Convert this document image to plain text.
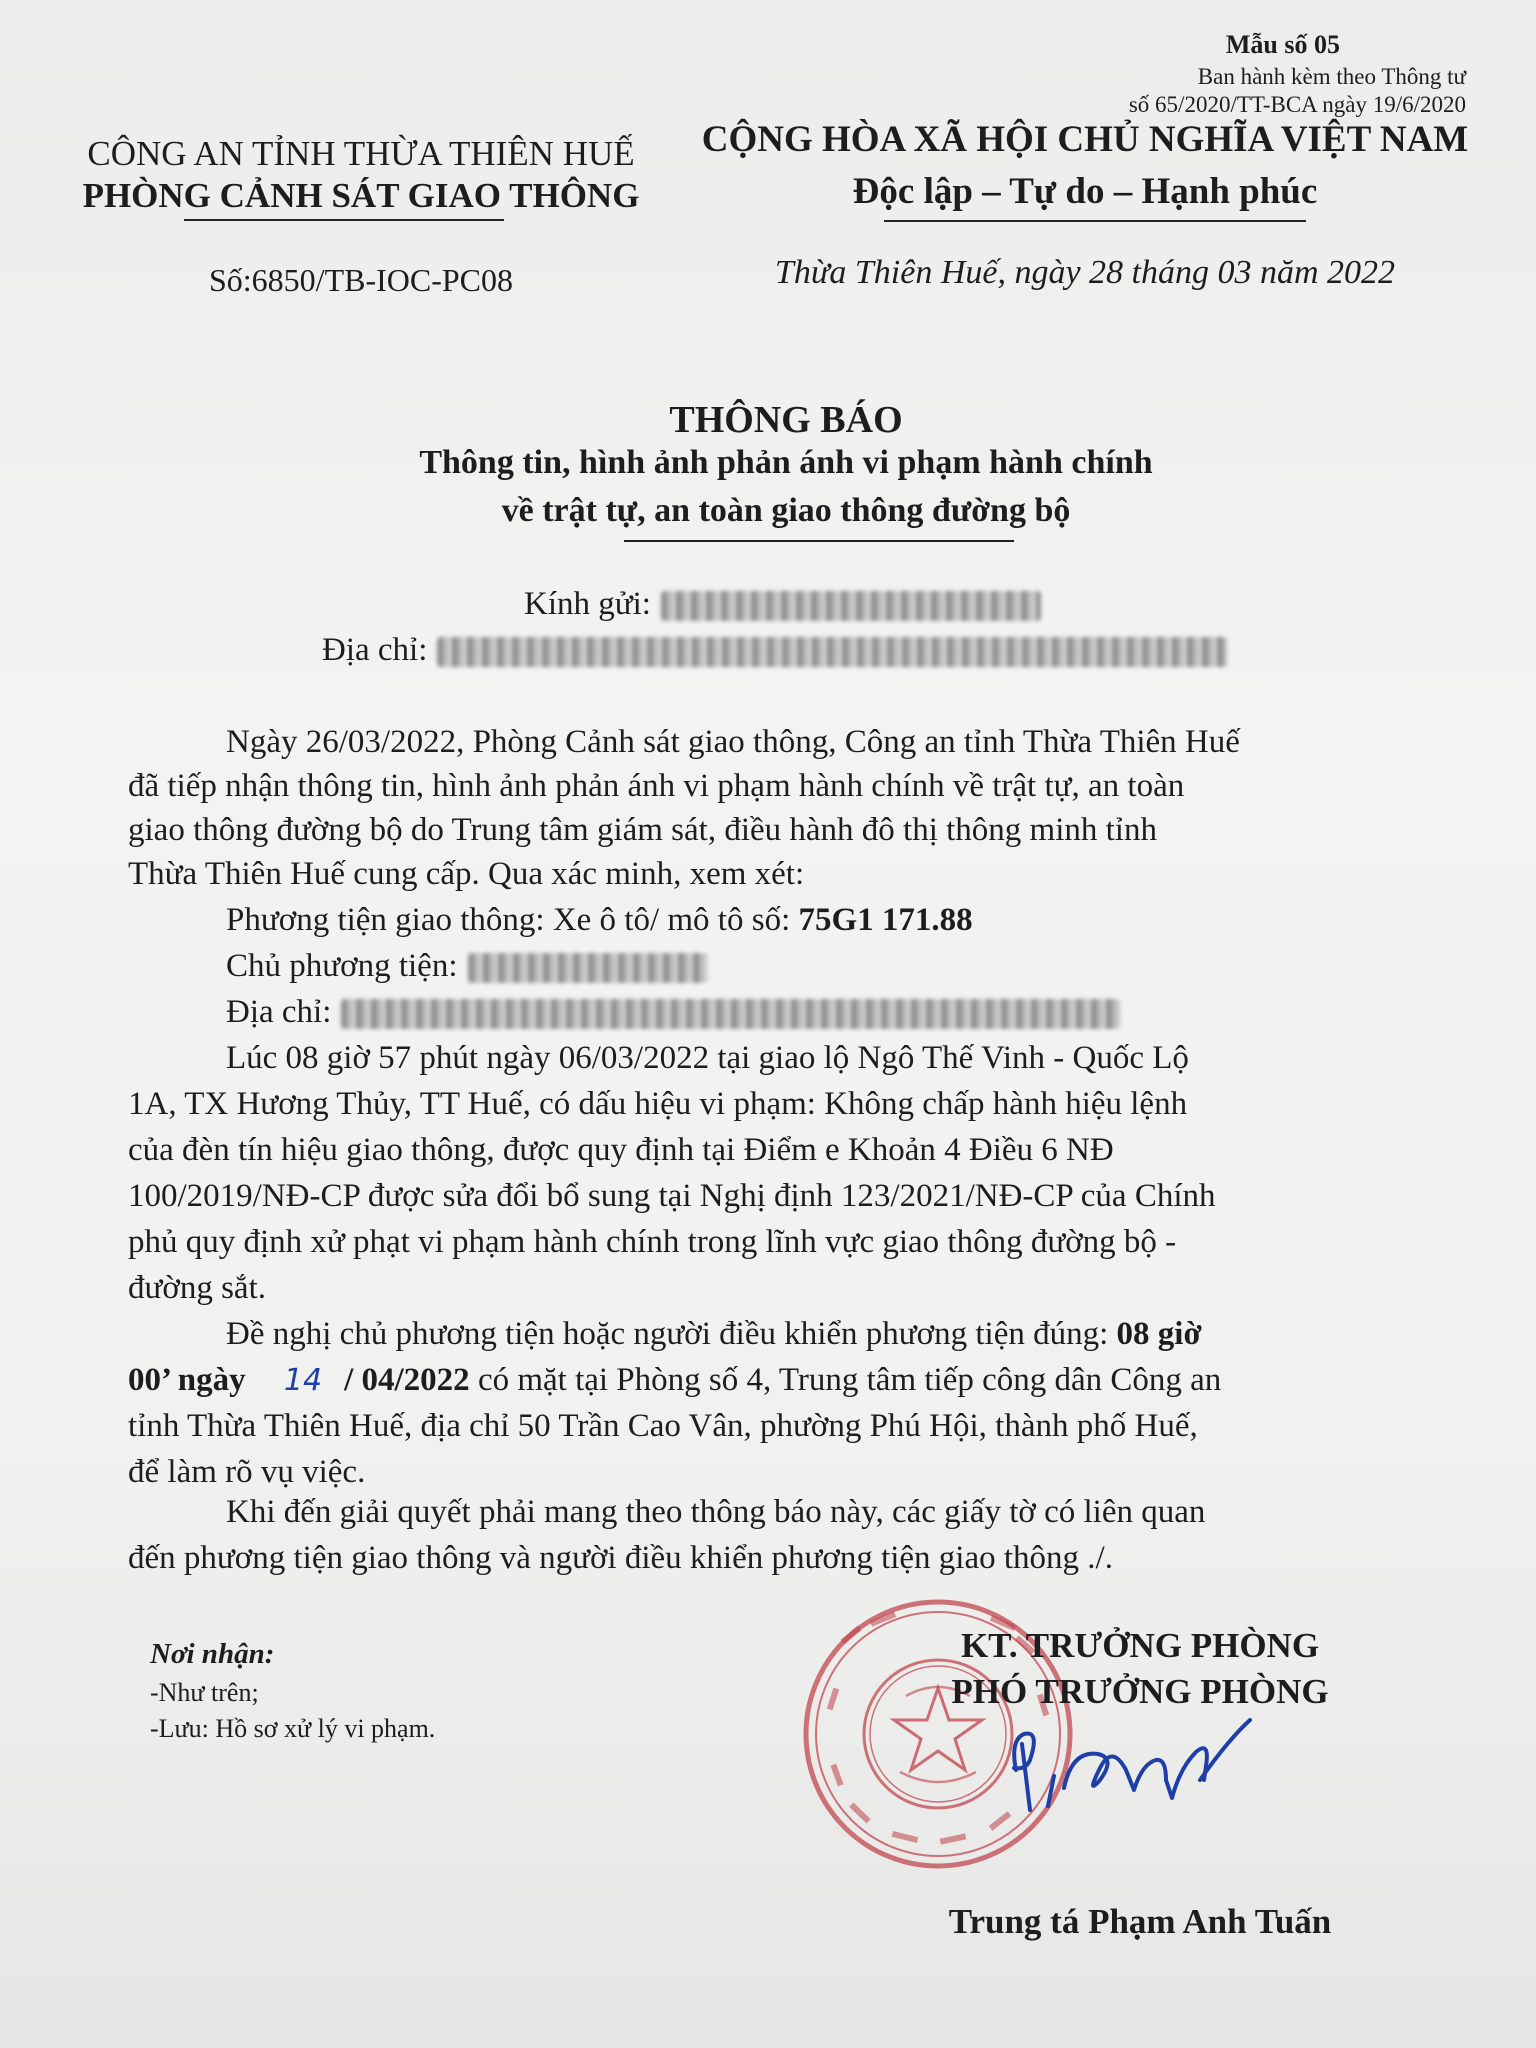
Mẫu số 05
Ban hành kèm theo Thông tư
số 65/2020/TT-BCA ngày 19/6/2020
CÔNG AN TỈNH THỪA THIÊN HUẾ
PHÒNG CẢNH SÁT GIAO THÔNG
Số:6850/TB-IOC-PC08
CỘNG HÒA XÃ HỘI CHỦ NGHĨA VIỆT NAM
Độc lập – Tự do – Hạnh phúc
Thừa Thiên Huế, ngày 28 tháng 03 năm 2022
THÔNG BÁO
Thông tin, hình ảnh phản ánh vi phạm hành chính
về trật tự, an toàn giao thông đường bộ
Kính gửi:
Địa chỉ:
Ngày 26/03/2022, Phòng Cảnh sát giao thông, Công an tỉnh Thừa Thiên Huế
đã tiếp nhận thông tin, hình ảnh phản ánh vi phạm hành chính về trật tự, an toàn
giao thông đường bộ do Trung tâm giám sát, điều hành đô thị thông minh tỉnh
Thừa Thiên Huế cung cấp. Qua xác minh, xem xét:
Phương tiện giao thông: Xe ô tô/ mô tô số: 75G1 171.88
Chủ phương tiện:
Địa chỉ:
Lúc 08 giờ 57 phút ngày 06/03/2022 tại giao lộ Ngô Thế Vinh - Quốc Lộ
1A, TX Hương Thủy, TT Huế, có dấu hiệu vi phạm: Không chấp hành hiệu lệnh
của đèn tín hiệu giao thông, được quy định tại Điểm e Khoản 4 Điều 6 NĐ
100/2019/NĐ-CP được sửa đổi bổ sung tại Nghị định 123/2021/NĐ-CP của Chính
phủ quy định xử phạt vi phạm hành chính trong lĩnh vực giao thông đường bộ -
đường sắt.
Đề nghị chủ phương tiện hoặc người điều khiển phương tiện đúng: 08 giờ
00’ ngày 14 / 04/2022 có mặt tại Phòng số 4, Trung tâm tiếp công dân Công an
tỉnh Thừa Thiên Huế, địa chỉ 50 Trần Cao Vân, phường Phú Hội, thành phố Huế,
để làm rõ vụ việc.
Khi đến giải quyết phải mang theo thông báo này, các giấy tờ có liên quan
đến phương tiện giao thông và người điều khiển phương tiện giao thông ./.
Nơi nhận:
-Như trên;
-Lưu: Hồ sơ xử lý vi phạm.
KT. TRƯỞNG PHÒNG
PHÓ TRƯỞNG PHÒNG
Trung tá Phạm Anh Tuấn
